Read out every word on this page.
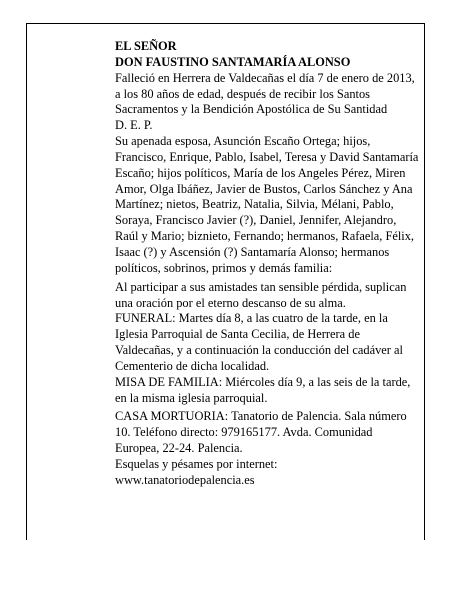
EL SEÑOR

DON FAUSTINO SANTAMARÍA ALONSO

Falleció en Herrera de Valdecañas el día 7 de enero de 2013, a los 80 años de edad, después de recibir los Santos Sacramentos y la Bendición Apostólica de Su Santidad

D. E. P.

Su apenada esposa, Asunción Escaño Ortega; hijos, Francisco, Enrique, Pablo, Isabel, Teresa y David Santamaría Escaño; hijos políticos, María de los Angeles Pérez, Miren Amor, Olga Ibáñez, Javier de Bustos, Carlos Sánchez y Ana Martínez; nietos, Beatriz, Natalia, Silvia, Mélani, Pablo, Soraya, Francisco Javier (?), Daniel, Jennifer, Alejandro, Raúl y Mario; biznieto, Fernando; hermanos, Rafaela, Félix, Isaac (?) y Ascensión (?) Santamaría Alonso; hermanos políticos, sobrinos, primos y demás familia:

Al participar a sus amistades tan sensible pérdida, suplican una oración por el eterno descanso de su alma.

FUNERAL: Martes día 8, a las cuatro de la tarde, en la Iglesia Parroquial de Santa Cecilia, de Herrera de Valdecañas, y a continuación la conducción del cadáver al Cementerio de dicha localidad.

MISA DE FAMILIA: Miércoles día 9, a las seis de la tarde, en la misma iglesia parroquial.

CASA MORTUORIA: Tanatorio de Palencia. Sala número 10. Teléfono directo: 979165177. Avda. Comunidad Europea, 22-24. Palencia.

Esquelas y pésames por internet:

www.tanatoriodepalencia.es
